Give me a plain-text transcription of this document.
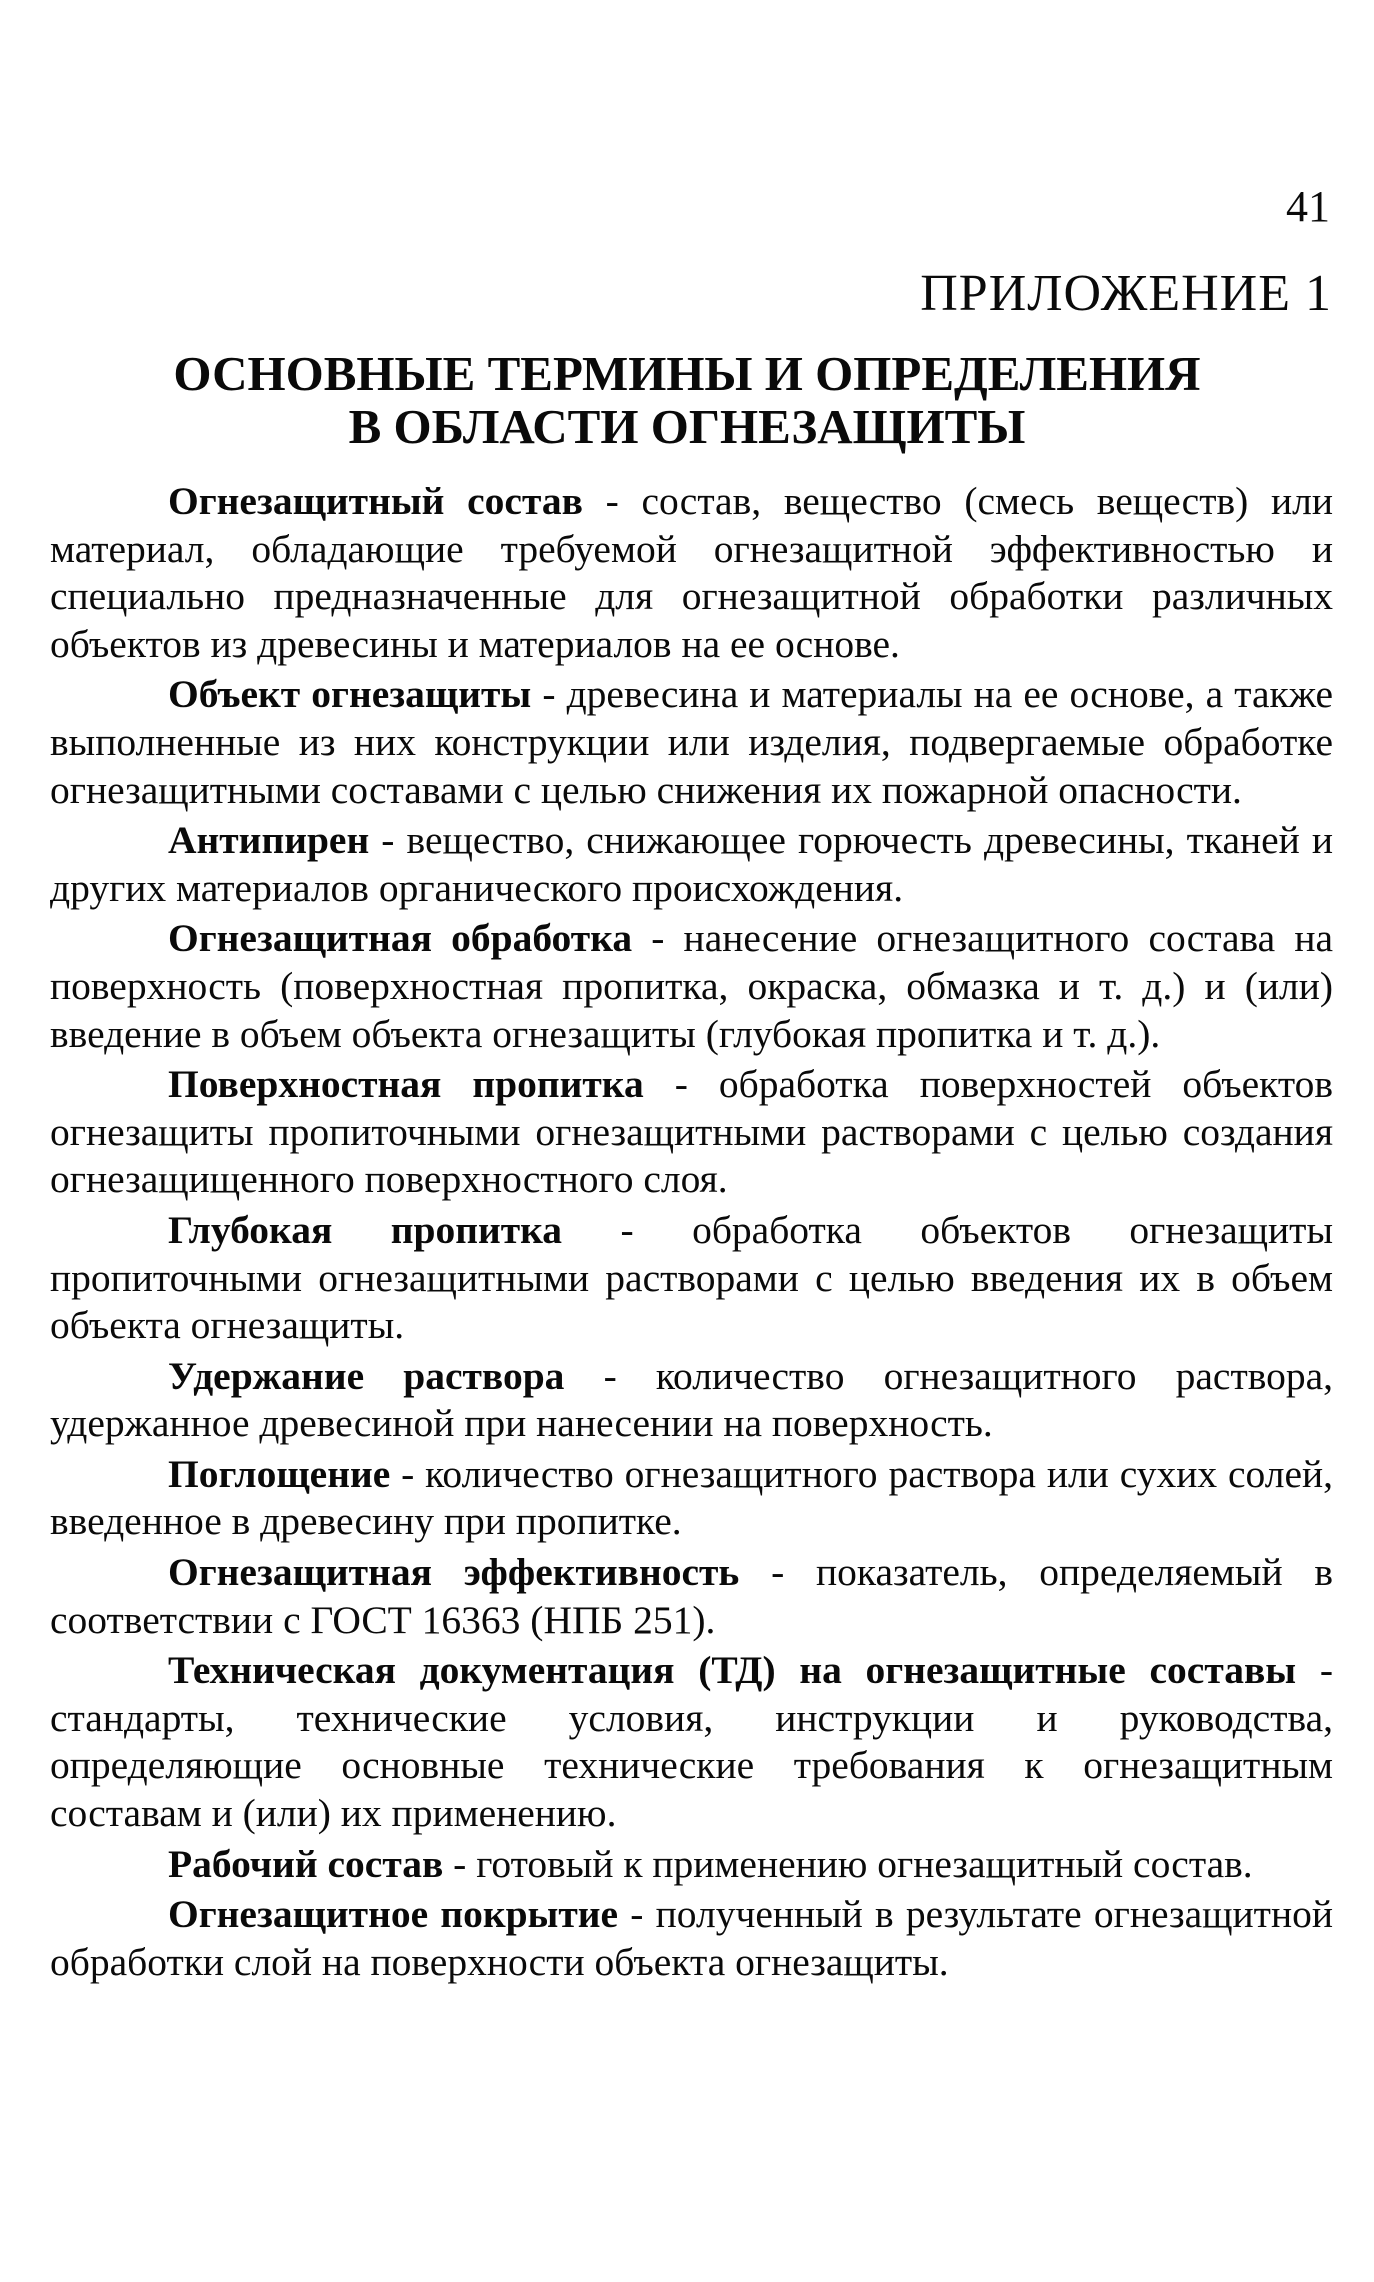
41
ПРИЛОЖЕНИЕ 1
ОСНОВНЫЕ ТЕРМИНЫ И ОПРЕДЕЛЕНИЯ
В ОБЛАСТИ ОГНЕЗАЩИТЫ

Огнезащитный состав - состав, вещество (смесь веществ) или материал, обладающие требуемой огнезащитной эффективностью и специально предназначенные для огнезащитной обработки различных объектов из древесины и материалов на ее основе.

Объект огнезащиты - древесина и материалы на ее основе, а также выполненные из них конструкции или изделия, подвергаемые обработке огнезащитными составами с целью снижения их пожарной опасности.

Антипирен - вещество, снижающее горючесть древесины, тканей и других материалов органического происхождения.

Огнезащитная обработка - нанесение огнезащитного состава на поверхность (поверхностная пропитка, окраска, обмазка и т. д.) и (или) введение в объем объекта огнезащиты (глубокая пропитка и т. д.).

Поверхностная пропитка - обработка поверхностей объектов огнезащиты пропиточными огнезащитными растворами с целью создания огнезащищенного поверхностного слоя.

Глубокая пропитка - обработка объектов огнезащиты пропиточными огнезащитными растворами с целью введения их в объем объекта огнезащиты.

Удержание раствора - количество огнезащитного раствора, удержанное древесиной при нанесении на поверхность.

Поглощение - количество огнезащитного раствора или сухих солей, введенное в древесину при пропитке.

Огнезащитная эффективность - показатель, определяемый в соответствии с ГОСТ 16363 (НПБ 251).

Техническая документация (ТД) на огнезащитные составы - стандарты, технические условия, инструкции и руководства, определяющие основные технические требования к огнезащитным составам и (или) их применению.

Рабочий состав - готовый к применению огнезащитный состав.

Огнезащитное покрытие - полученный в результате огнезащитной обработки слой на поверхности объекта огнезащиты.
